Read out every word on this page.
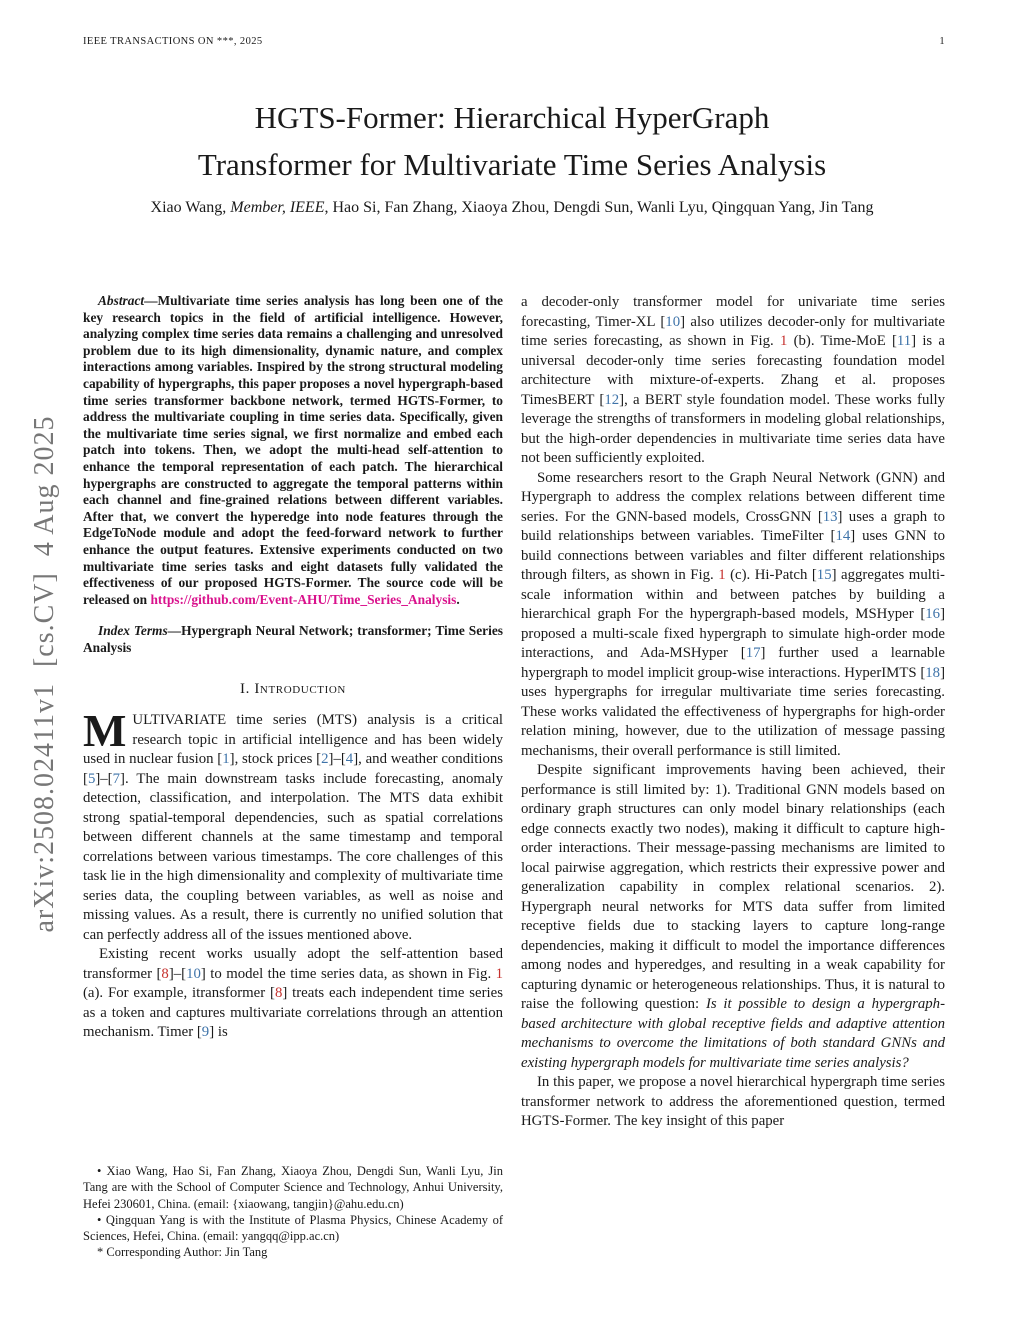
IEEE TRANSACTIONS ON ***, 2025	1
arXiv:2508.02411v1  [cs.CV]  4 Aug 2025
HGTS-Former: Hierarchical HyperGraph
Transformer for Multivariate Time Series Analysis
Xiao Wang, Member, IEEE, Hao Si, Fan Zhang, Xiaoya Zhou, Dengdi Sun, Wanli Lyu, Qingquan Yang, Jin Tang

Abstract—Multivariate time series analysis has long been one of the key research topics in the field of artificial intelligence. However, analyzing complex time series data remains a challenging and unresolved problem due to its high dimensionality, dynamic nature, and complex interactions among variables. Inspired by the strong structural modeling capability of hypergraphs, this paper proposes a novel hypergraph-based time series transformer backbone network, termed HGTS-Former, to address the multivariate coupling in time series data. Specifically, given the multivariate time series signal, we first normalize and embed each patch into tokens. Then, we adopt the multi-head self-attention to enhance the temporal representation of each patch. The hierarchical hypergraphs are constructed to aggregate the temporal patterns within each channel and fine-grained relations between different variables. After that, we convert the hyperedge into node features through the EdgeToNode module and adopt the feed-forward network to further enhance the output features. Extensive experiments conducted on two multivariate time series tasks and eight datasets fully validated the effectiveness of our proposed HGTS-Former. The source code will be released on https://github.com/Event-AHU/Time_Series_Analysis.

Index Terms—Hypergraph Neural Network; transformer; Time Series Analysis

I. Introduction

MULTIVARIATE time series (MTS) analysis is a critical research topic in artificial intelligence and has been widely used in nuclear fusion [1], stock prices [2]–[4], and weather conditions [5]–[7]. The main downstream tasks include forecasting, anomaly detection, classification, and interpolation. The MTS data exhibit strong spatial-temporal dependencies, such as spatial correlations between different channels at the same timestamp and temporal correlations between various timestamps. The core challenges of this task lie in the high dimensionality and complexity of multivariate time series data, the coupling between variables, as well as noise and missing values. As a result, there is currently no unified solution that can perfectly address all of the issues mentioned above.

Existing recent works usually adopt the self-attention based transformer [8]–[10] to model the time series data, as shown in Fig. 1 (a). For example, itransformer [8] treats each independent time series as a token and captures multivariate correlations through an attention mechanism. Timer [9] is

• Xiao Wang, Hao Si, Fan Zhang, Xiaoya Zhou, Dengdi Sun, Wanli Lyu, Jin Tang are with the School of Computer Science and Technology, Anhui University, Hefei 230601, China. (email: {xiaowang, tangjin}@ahu.edu.cn)

• Qingquan Yang is with the Institute of Plasma Physics, Chinese Academy of Sciences, Hefei, China. (email: yangqq@ipp.ac.cn)

* Corresponding Author: Jin Tang

a decoder-only transformer model for univariate time series forecasting, Timer-XL [10] also utilizes decoder-only for multivariate time series forecasting, as shown in Fig. 1 (b). Time-MoE [11] is a universal decoder-only time series forecasting foundation model architecture with mixture-of-experts. Zhang et al. proposes TimesBERT [12], a BERT style foundation model. These works fully leverage the strengths of transformers in modeling global relationships, but the high-order dependencies in multivariate time series data have not been sufficiently exploited.

Some researchers resort to the Graph Neural Network (GNN) and Hypergraph to address the complex relations between different time series. For the GNN-based models, CrossGNN [13] uses a graph to build relationships between variables. TimeFilter [14] uses GNN to build connections between variables and filter different relationships through filters, as shown in Fig. 1 (c). Hi-Patch [15] aggregates multi-scale information within and between patches by building a hierarchical graph For the hypergraph-based models, MSHyper [16] proposed a multi-scale fixed hypergraph to simulate high-order mode interactions, and Ada-MSHyper [17] further used a learnable hypergraph to model implicit group-wise interactions. HyperIMTS [18] uses hypergraphs for irregular multivariate time series forecasting. These works validated the effectiveness of hypergraphs for high-order relation mining, however, due to the utilization of message passing mechanisms, their overall performance is still limited.

Despite significant improvements having been achieved, their performance is still limited by: 1). Traditional GNN models based on ordinary graph structures can only model binary relationships (each edge connects exactly two nodes), making it difficult to capture high-order interactions. Their message-passing mechanisms are limited to local pairwise aggregation, which restricts their expressive power and generalization capability in complex relational scenarios. 2). Hypergraph neural networks for MTS data suffer from limited receptive fields due to stacking layers to capture long-range dependencies, making it difficult to model the importance differences among nodes and hyperedges, and resulting in a weak capability for capturing dynamic or heterogeneous relationships. Thus, it is natural to raise the following question: Is it possible to design a hypergraph-based architecture with global receptive fields and adaptive attention mechanisms to overcome the limitations of both standard GNNs and existing hypergraph models for multivariate time series analysis?

In this paper, we propose a novel hierarchical hypergraph time series transformer network to address the aforementioned question, termed HGTS-Former. The key insight of this paper
